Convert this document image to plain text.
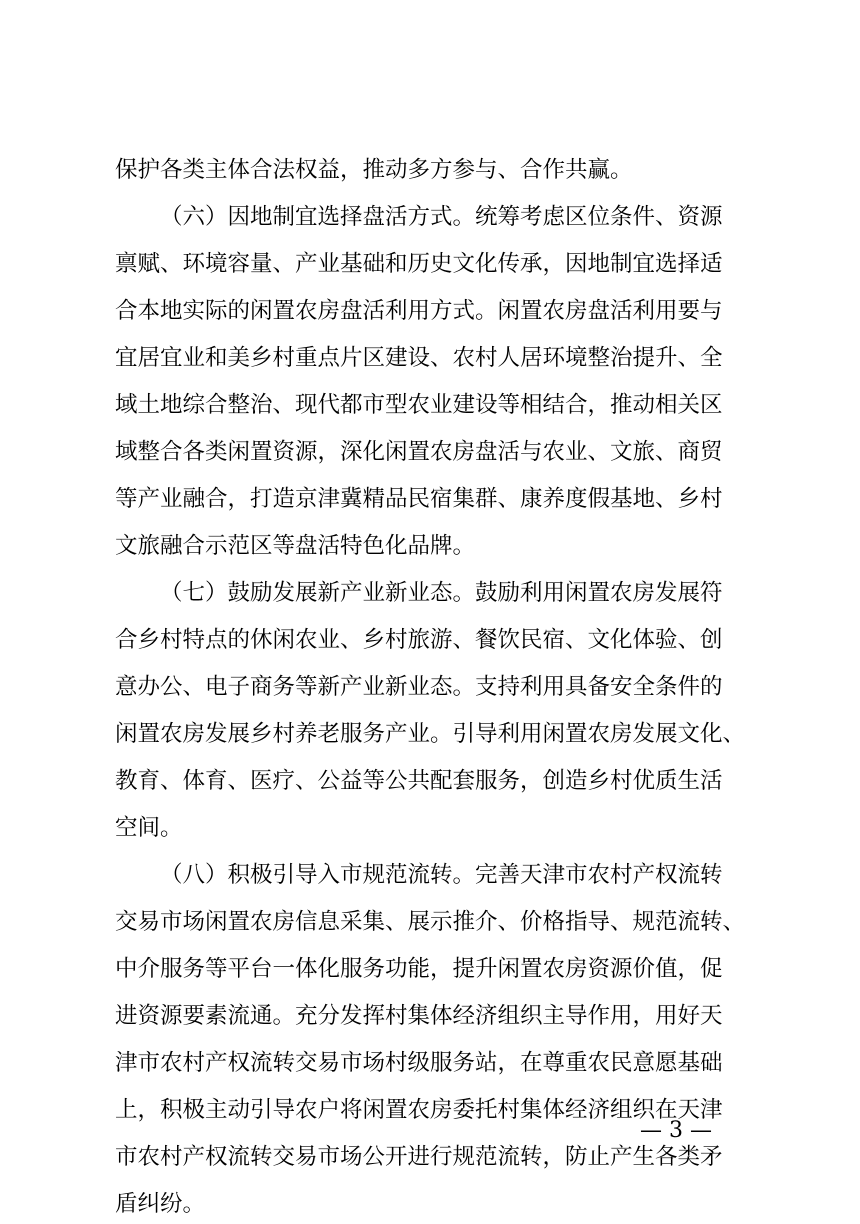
保护各类主体合法权益，推动多方参与、合作共赢。
（六）因地制宜选择盘活方式。统筹考虑区位条件、资源
禀赋、环境容量、产业基础和历史文化传承，因地制宜选择适
合本地实际的闲置农房盘活利用方式。闲置农房盘活利用要与
宜居宜业和美乡村重点片区建设、农村人居环境整治提升、全
域土地综合整治、现代都市型农业建设等相结合，推动相关区
域整合各类闲置资源，深化闲置农房盘活与农业、文旅、商贸
等产业融合，打造京津冀精品民宿集群、康养度假基地、乡村
文旅融合示范区等盘活特色化品牌。
（七）鼓励发展新产业新业态。鼓励利用闲置农房发展符
合乡村特点的休闲农业、乡村旅游、餐饮民宿、文化体验、创
意办公、电子商务等新产业新业态。支持利用具备安全条件的
闲置农房发展乡村养老服务产业。引导利用闲置农房发展文化、
教育、体育、医疗、公益等公共配套服务，创造乡村优质生活
空间。
（八）积极引导入市规范流转。完善天津市农村产权流转
交易市场闲置农房信息采集、展示推介、价格指导、规范流转、
中介服务等平台一体化服务功能，提升闲置农房资源价值，促
进资源要素流通。充分发挥村集体经济组织主导作用，用好天
津市农村产权流转交易市场村级服务站，在尊重农民意愿基础
上，积极主动引导农户将闲置农房委托村集体经济组织在天津
市农村产权流转交易市场公开进行规范流转，防止产生各类矛
盾纠纷。
— 3 —
